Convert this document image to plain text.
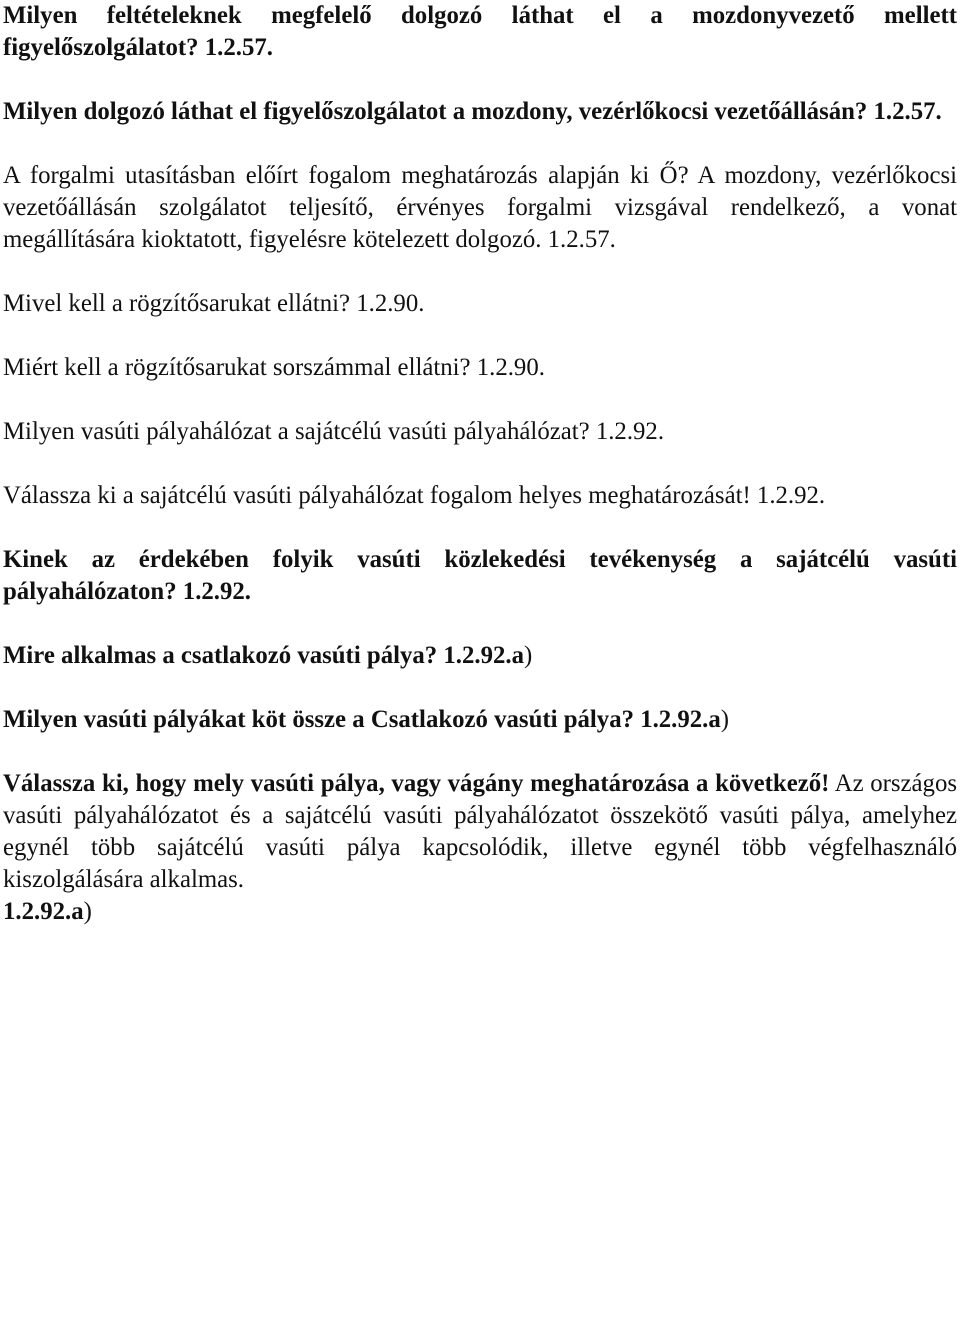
Milyen feltételeknek megfelelő dolgozó láthat el a mozdonyvezető mellett figyelőszolgálatot? 1.2.57.

Milyen dolgozó láthat el figyelőszolgálatot a mozdony, vezérlőkocsi vezetőállásán? 1.2.57.

A forgalmi utasításban előírt fogalom meghatározás alapján ki Ő? A mozdony, vezérlőkocsi vezetőállásán szolgálatot teljesítő, érvényes forgalmi vizsgával rendelkező, a vonat megállítására kioktatott, figyelésre kötelezett dolgozó. 1.2.57.

Mivel kell a rögzítősarukat ellátni? 1.2.90.

Miért kell a rögzítősarukat sorszámmal ellátni? 1.2.90.

Milyen vasúti pályahálózat a sajátcélú vasúti pályahálózat? 1.2.92.

Válassza ki a sajátcélú vasúti pályahálózat fogalom helyes meghatározását! 1.2.92.

Kinek az érdekében folyik vasúti közlekedési tevékenység a sajátcélú vasúti pályahálózaton? 1.2.92.

Mire alkalmas a csatlakozó vasúti pálya? 1.2.92.a)

Milyen vasúti pályákat köt össze a Csatlakozó vasúti pálya? 1.2.92.a)

Válassza ki, hogy mely vasúti pálya, vagy vágány meghatározása a következő! Az országos vasúti pályahálózatot és a sajátcélú vasúti pályahálózatot összekötő vasúti pálya, amelyhez egynél több sajátcélú vasúti pálya kapcsolódik, illetve egynél több végfelhasználó kiszolgálására alkalmas.
1.2.92.a)
